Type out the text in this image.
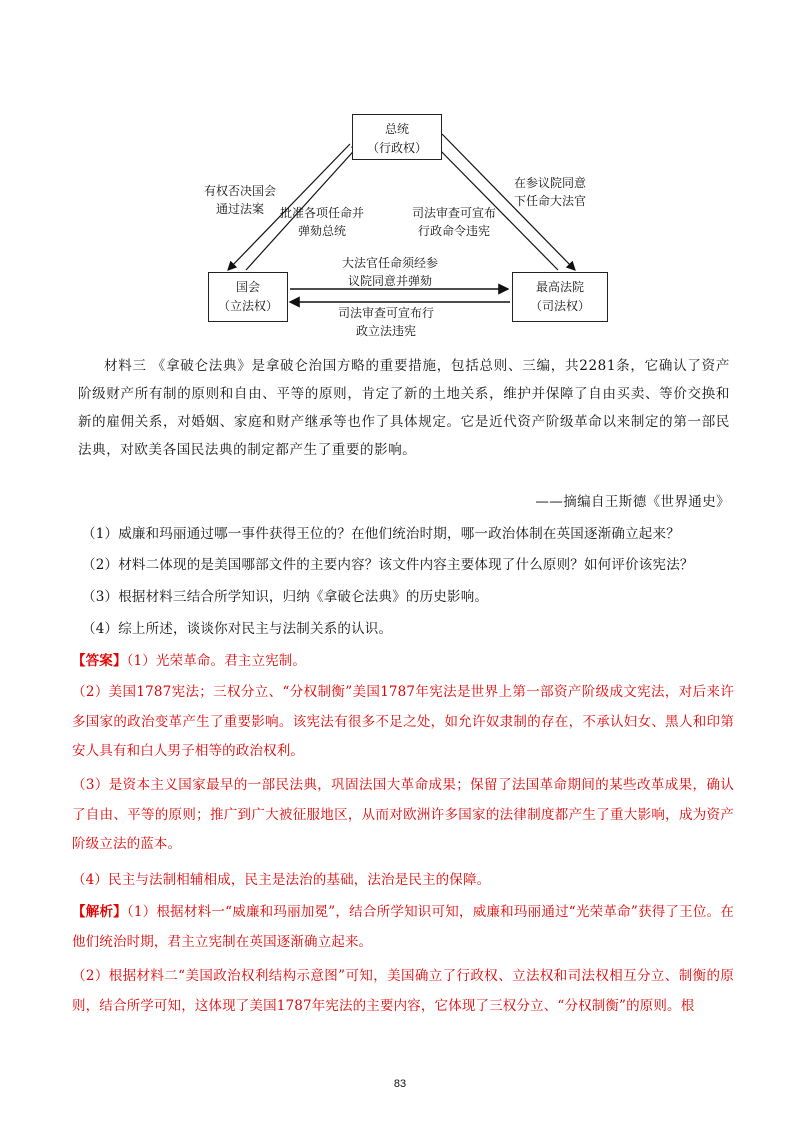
总统
（行政权）
国会
（立法权）
最高法院
（司法权）
有权否决国会
通过法案	批准各项任命并
弹劾总统
司法审查可宣布
行政命令违宪
在参议院同意
下任命大法官
大法官任命须经参
议院同意并弹劾
司法审查可宣布行
政立法违宪
材料三 《拿破仑法典》是拿破仑治国方略的重要措施，包括总则、三编，共2281条，它确认了资产阶级财产所有制的原则和自由、平等的原则，肯定了新的土地关系，维护并保障了自由买卖、等价交换和新的雇佣关系，对婚姻、家庭和财产继承等也作了具体规定。它是近代资产阶级革命以来制定的第一部民法典，对欧美各国民法典的制定都产生了重要的影响。
——摘编自王斯德《世界通史》
（1）威廉和玛丽通过哪一事件获得王位的？在他们统治时期，哪一政治体制在英国逐渐确立起来？
（2）材料二体现的是美国哪部文件的主要内容？该文件内容主要体现了什么原则？如何评价该宪法？
（3）根据材料三结合所学知识，归纳《拿破仑法典》的历史影响。
（4）综上所述，谈谈你对民主与法制关系的认识。
【答案】（1）光荣革命。君主立宪制。
（2）美国1787宪法；三权分立、“分权制衡”美国1787年宪法是世界上第一部资产阶级成文宪法，对后来许多国家的政治变革产生了重要影响。该宪法有很多不足之处，如允许奴隶制的存在，不承认妇女、黑人和印第安人具有和白人男子相等的政治权利。
（3）是资本主义国家最早的一部民法典，巩固法国大革命成果；保留了法国革命期间的某些改革成果，确认了自由、平等的原则；推广到广大被征服地区，从而对欧洲许多国家的法律制度都产生了重大影响，成为资产阶级立法的蓝本。
（4）民主与法制相辅相成，民主是法治的基础，法治是民主的保障。
【解析】（1）根据材料一“威廉和玛丽加冕”，结合所学知识可知，威廉和玛丽通过“光荣革命”获得了王位。在他们统治时期，君主立宪制在英国逐渐确立起来。
（2）根据材料二“美国政治权利结构示意图”可知，美国确立了行政权、立法权和司法权相互分立、制衡的原则，结合所学可知，这体现了美国1787年宪法的主要内容，它体现了三权分立、“分权制衡”的原则。根
83
